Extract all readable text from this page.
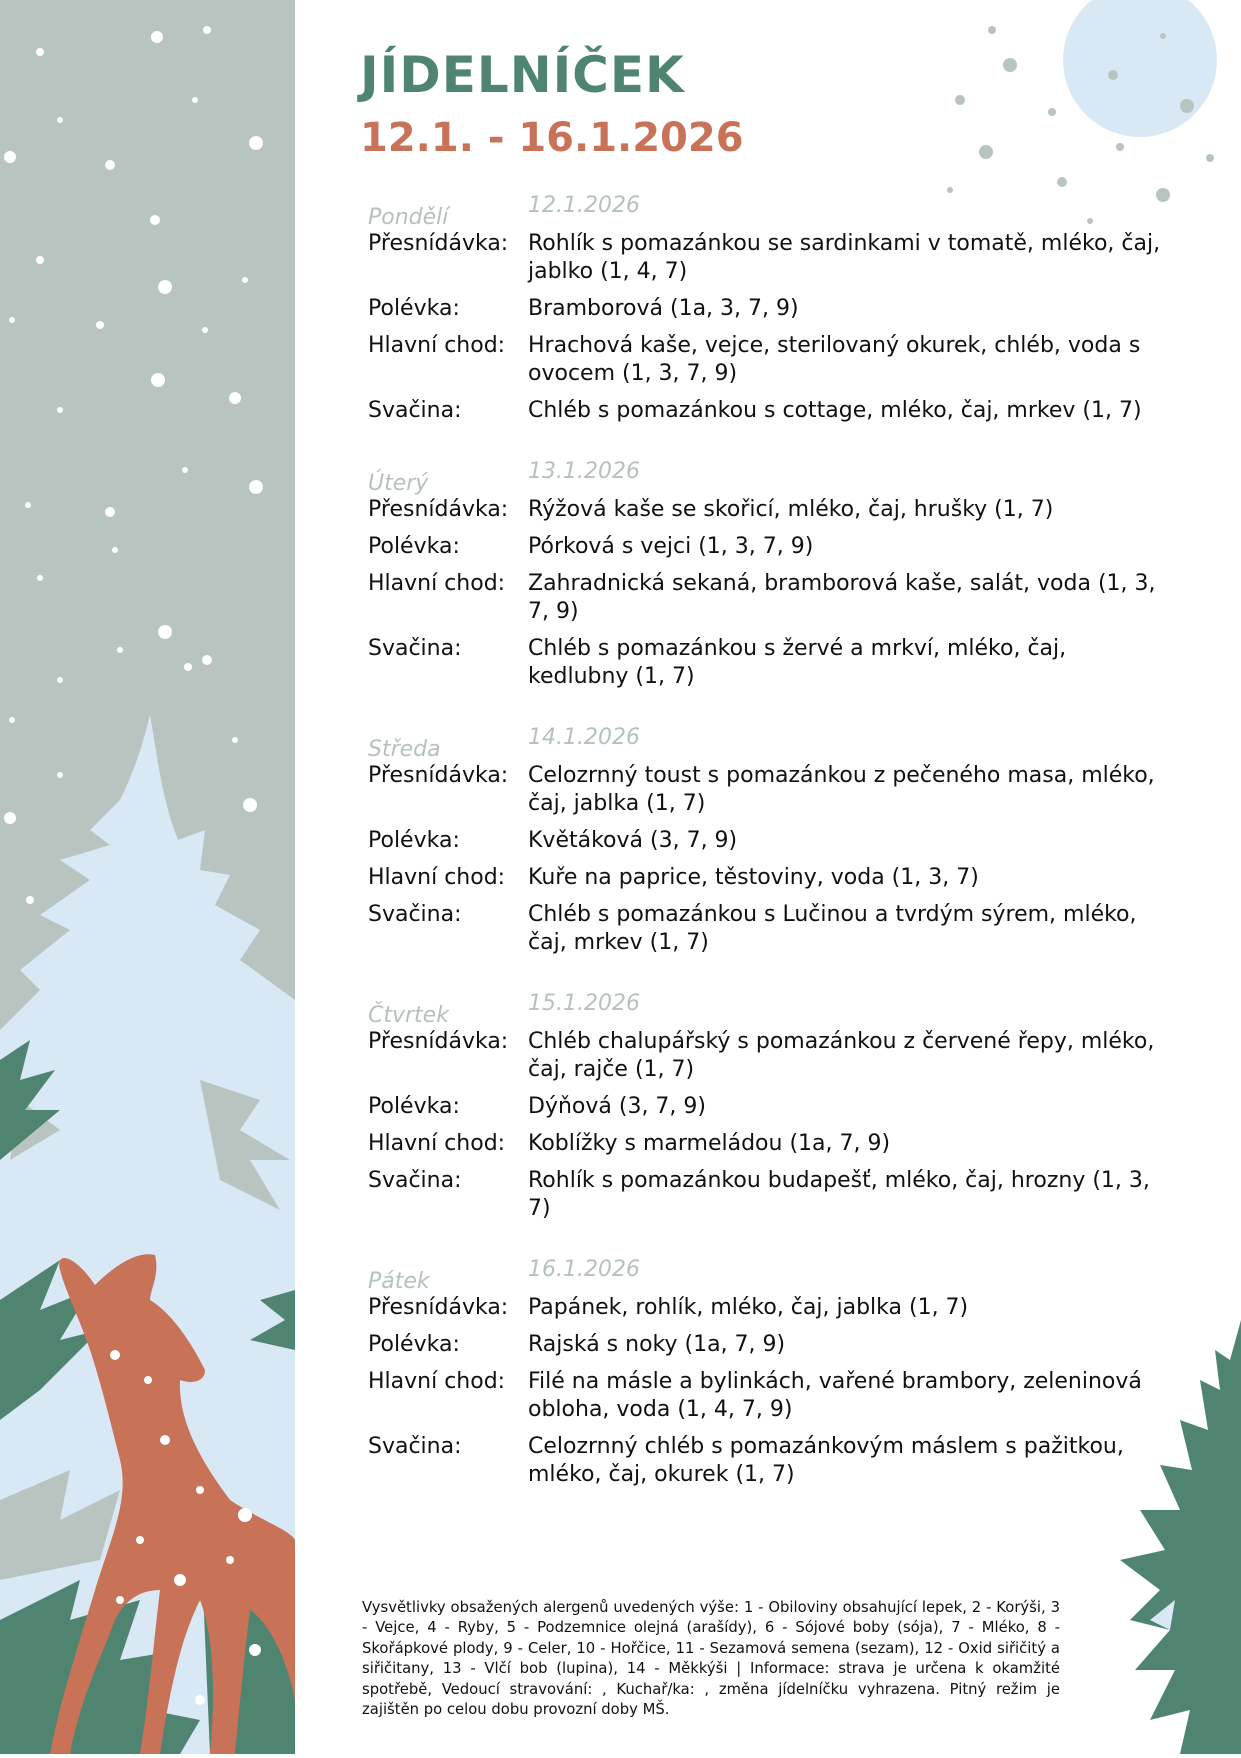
JÍDELNÍČEK
12.1. - 16.1.2026
Pondělí	12.1.2026
Přesnídávka: Rohlík s pomazánkou se sardinkami v tomatě, mléko, čaj, jablko (1, 4, 7)
Polévka:	Bramborová (1a, 3, 7, 9)
Hlavní chod:	Hrachová kaše, vejce, sterilovaný okurek, chléb, voda s ovocem (1, 3, 7, 9)
Svačina:	Chléb s pomazánkou s cottage, mléko, čaj, mrkev (1, 7)
Úterý	13.1.2026
Přesnídávka: Rýžová kaše se skořicí, mléko, čaj, hrušky (1, 7)
Polévka:	Pórková s vejci (1, 3, 7, 9)
Hlavní chod:	Zahradnická sekaná, bramborová kaše, salát, voda (1, 3, 7, 9)
Svačina:	Chléb s pomazánkou s žervé a mrkví, mléko, čaj, kedlubny (1, 7)
Středa	14.1.2026
Přesnídávka: Celozrnný toust s pomazánkou z pečeného masa, mléko, čaj, jablka (1, 7)
Polévka:	Květáková (3, 7, 9)
Hlavní chod:	Kuře na paprice, těstoviny, voda (1, 3, 7)
Svačina:	Chléb s pomazánkou s Lučinou a tvrdým sýrem, mléko, čaj, mrkev (1, 7)
Čtvrtek	15.1.2026
Přesnídávka: Chléb chalupářský s pomazánkou z červené řepy, mléko, čaj, rajče (1, 7)
Polévka:	Dýňová (3, 7, 9)
Hlavní chod:	Koblížky s marmeládou (1a, 7, 9)
Svačina:	Rohlík s pomazánkou budapešť, mléko, čaj, hrozny (1, 3, 7)
Pátek	16.1.2026
Přesnídávka: Papánek, rohlík, mléko, čaj, jablka (1, 7)
Polévka:	Rajská s noky (1a, 7, 9)
Hlavní chod:	Filé na másle a bylinkách, vařené brambory, zeleninová obloha, voda (1, 4, 7, 9)
Svačina:	Celozrnný chléb s pomazánkovým máslem s pažitkou, mléko, čaj, okurek (1, 7)
Vysvětlivky obsažených alergenů uvedených výše: 1 - Obiloviny obsahující lepek, 2 - Korýši, 3 - Vejce, 4 - Ryby, 5 - Podzemnice olejná (arašídy), 6 - Sójové boby (sója), 7 - Mléko, 8 - Skořápkové plody, 9 - Celer, 10 - Hořčice, 11 - Sezamová semena (sezam), 12 - Oxid siřičitý a siřičitany, 13 - Vlčí bob (lupina), 14 - Měkkýši | Informace: strava je určena k okamžité spotřebě, Vedoucí stravování: , Kuchař/ka: , změna jídelníčku vyhrazena. Pitný režim je zajištěn po celou dobu provozní doby MŠ.
